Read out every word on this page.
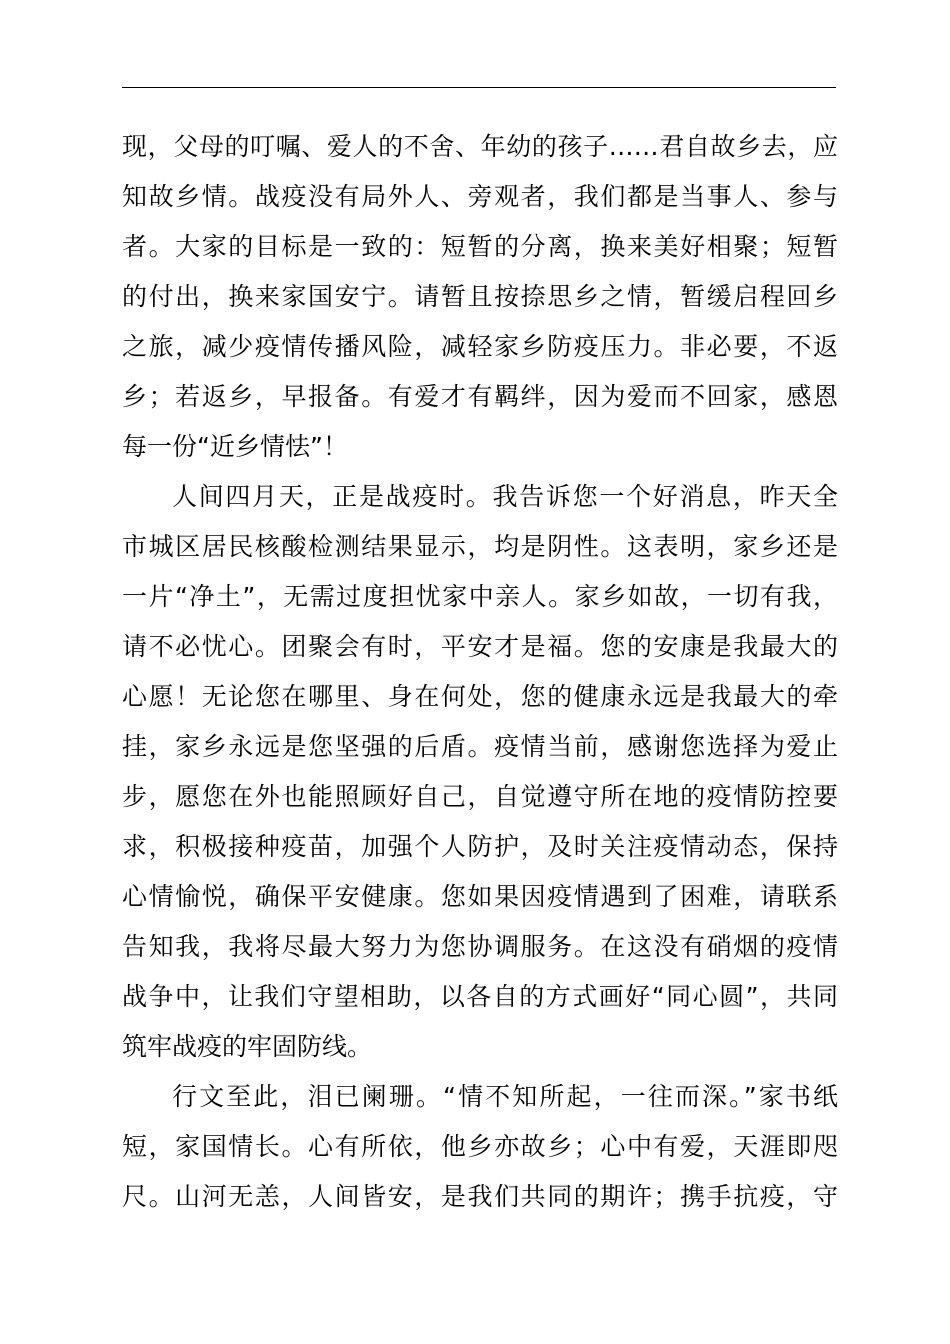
现，父母的叮嘱、爱人的不舍、年幼的孩子……君自故乡去，应
知故乡情。战疫没有局外人、旁观者，我们都是当事人、参与
者。大家的目标是一致的：短暂的分离，换来美好相聚；短暂
的付出，换来家国安宁。请暂且按捺思乡之情，暂缓启程回乡
之旅，减少疫情传播风险，减轻家乡防疫压力。非必要，不返
乡；若返乡，早报备。有爱才有羁绊，因为爱而不回家，感恩
每一份“近乡情怯”！
人间四月天，正是战疫时。我告诉您一个好消息，昨天全
市城区居民核酸检测结果显示，均是阴性。这表明，家乡还是
一片“净土”，无需过度担忧家中亲人。家乡如故，一切有我，
请不必忧心。团聚会有时，平安才是福。您的安康是我最大的
心愿！无论您在哪里、身在何处，您的健康永远是我最大的牵
挂，家乡永远是您坚强的后盾。疫情当前，感谢您选择为爱止
步，愿您在外也能照顾好自己，自觉遵守所在地的疫情防控要
求，积极接种疫苗，加强个人防护，及时关注疫情动态，保持
心情愉悦，确保平安健康。您如果因疫情遇到了困难，请联系
告知我，我将尽最大努力为您协调服务。在这没有硝烟的疫情
战争中，让我们守望相助，以各自的方式画好“同心圆”，共同
筑牢战疫的牢固防线。
行文至此，泪已阑珊。“情不知所起，一往而深。”家书纸
短，家国情长。心有所依，他乡亦故乡；心中有爱，天涯即咫
尺。山河无恙，人间皆安，是我们共同的期许；携手抗疫，守
